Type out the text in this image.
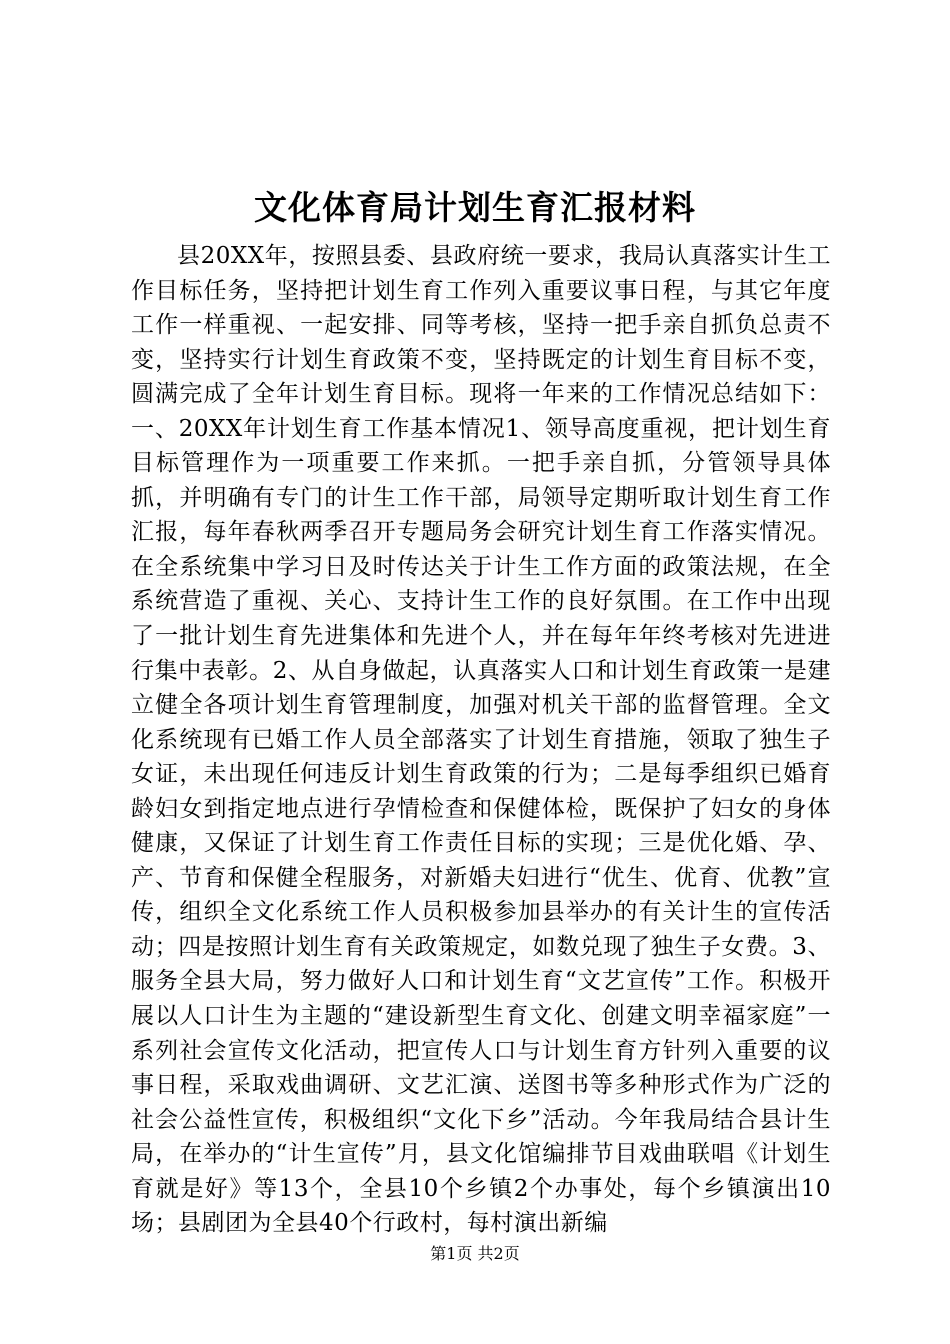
文化体育局计划生育汇报材料

县20XX年，按照县委、县政府统一要求，我局认真落实计生工作目标任务，坚持把计划生育工作列入重要议事日程，与其它年度工作一样重视、一起安排、同等考核，坚持一把手亲自抓负总责不变，坚持实行计划生育政策不变，坚持既定的计划生育目标不变，圆满完成了全年计划生育目标。现将一年来的工作情况总结如下：一、20XX年计划生育工作基本情况1、领导高度重视，把计划生育目标管理作为一项重要工作来抓。一把手亲自抓，分管领导具体抓，并明确有专门的计生工作干部，局领导定期听取计划生育工作汇报，每年春秋两季召开专题局务会研究计划生育工作落实情况。在全系统集中学习日及时传达关于计生工作方面的政策法规，在全系统营造了重视、关心、支持计生工作的良好氛围。在工作中出现了一批计划生育先进集体和先进个人，并在每年年终考核对先进进行集中表彰。2、从自身做起，认真落实人口和计划生育政策一是建立健全各项计划生育管理制度，加强对机关干部的监督管理。全文化系统现有已婚工作人员全部落实了计划生育措施，领取了独生子女证，未出现任何违反计划生育政策的行为；二是每季组织已婚育龄妇女到指定地点进行孕情检查和保健体检，既保护了妇女的身体健康，又保证了计划生育工作责任目标的实现；三是优化婚、孕、产、节育和保健全程服务，对新婚夫妇进行“优生、优育、优教”宣传，组织全文化系统工作人员积极参加县举办的有关计生的宣传活动；四是按照计划生育有关政策规定，如数兑现了独生子女费。3、服务全县大局，努力做好人口和计划生育“文艺宣传”工作。积极开展以人口计生为主题的“建设新型生育文化、创建文明幸福家庭”一系列社会宣传文化活动，把宣传人口与计划生育方针列入重要的议事日程，采取戏曲调研、文艺汇演、送图书等多种形式作为广泛的社会公益性宣传，积极组织“文化下乡”活动。今年我局结合县计生局，在举办的“计生宣传”月，县文化馆编排节目戏曲联唱《计划生育就是好》等13个，全县10个乡镇2个办事处，每个乡镇演出10场；县剧团为全县40个行政村，每村演出新编

第1页 共2页
